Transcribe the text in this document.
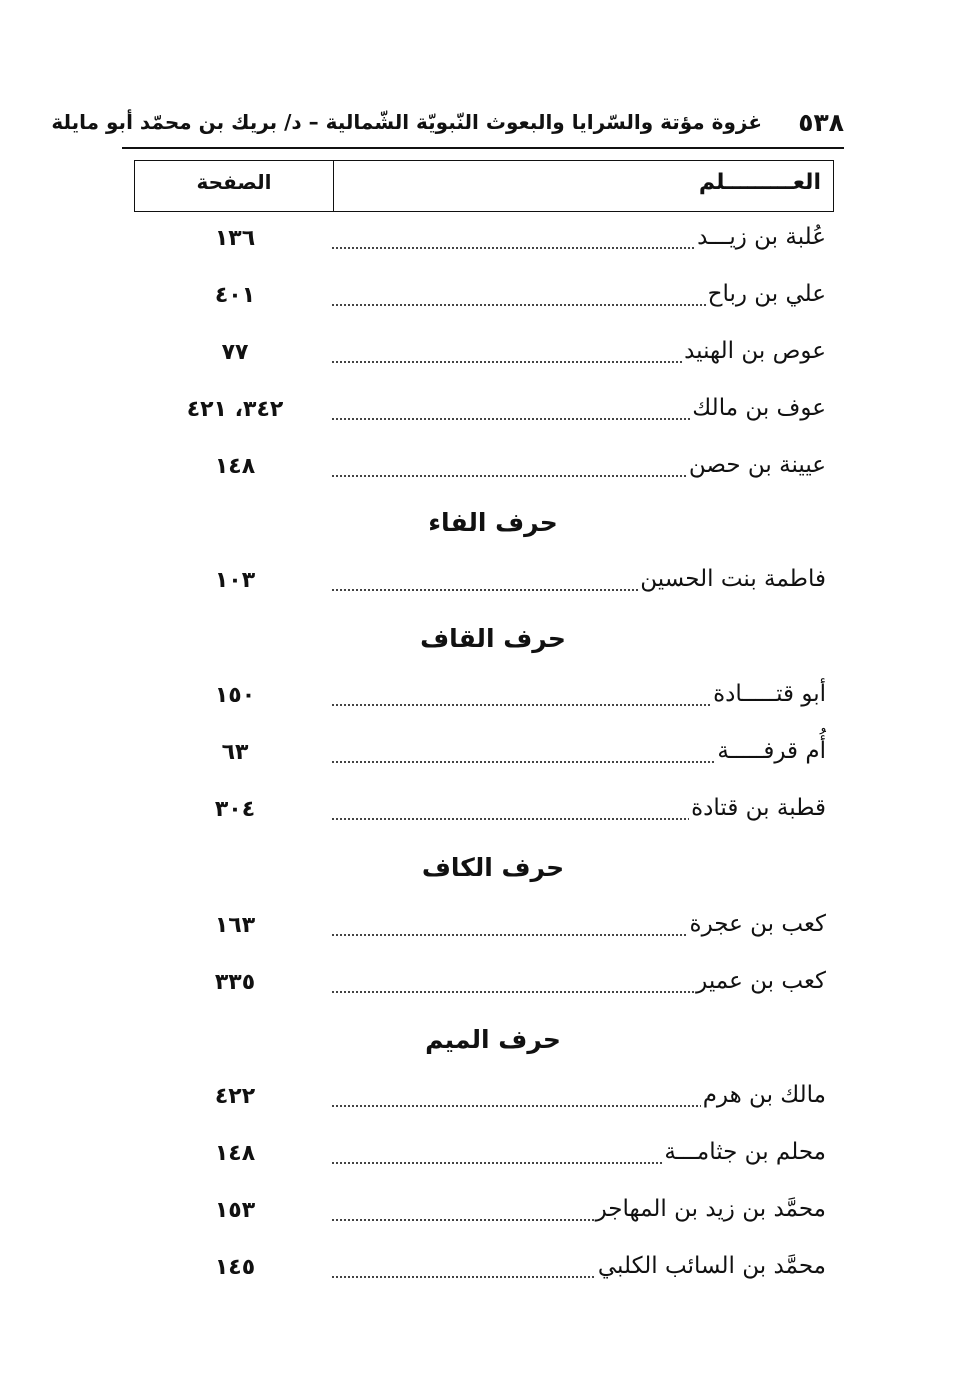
٥٣٨
غزوة مؤتة والسّرايا والبعوث النّبويّة الشّمالية – د/ بريك بن محمّد أبو مايلة
العـــــــــلم
الصفحة
عُلبة بن زيـــد
١٣٦
علي بن رباح
٤٠١
عوص بن الهنيد
٧٧
عوف بن مالك
٣٤٢، ٤٢١
عيينة بن حصن
١٤٨
حرف الفاء
فاطمة بنت الحسين
١٠٣
حرف القاف
أبو قتـــــادة
١٥٠
أُم قرفـــــة
٦٣
قطبة بن قتادة
٣٠٤
حرف الكاف
كعب بن عجرة
١٦٣
كعب بن عمير
٣٣٥
حرف الميم
مالك بن هرم
٤٢٢
محلم بن جثامـــة
١٤٨
محمَّد بن زيد بن المهاجر
١٥٣
محمَّد بن السائب الكلبي
١٤٥
